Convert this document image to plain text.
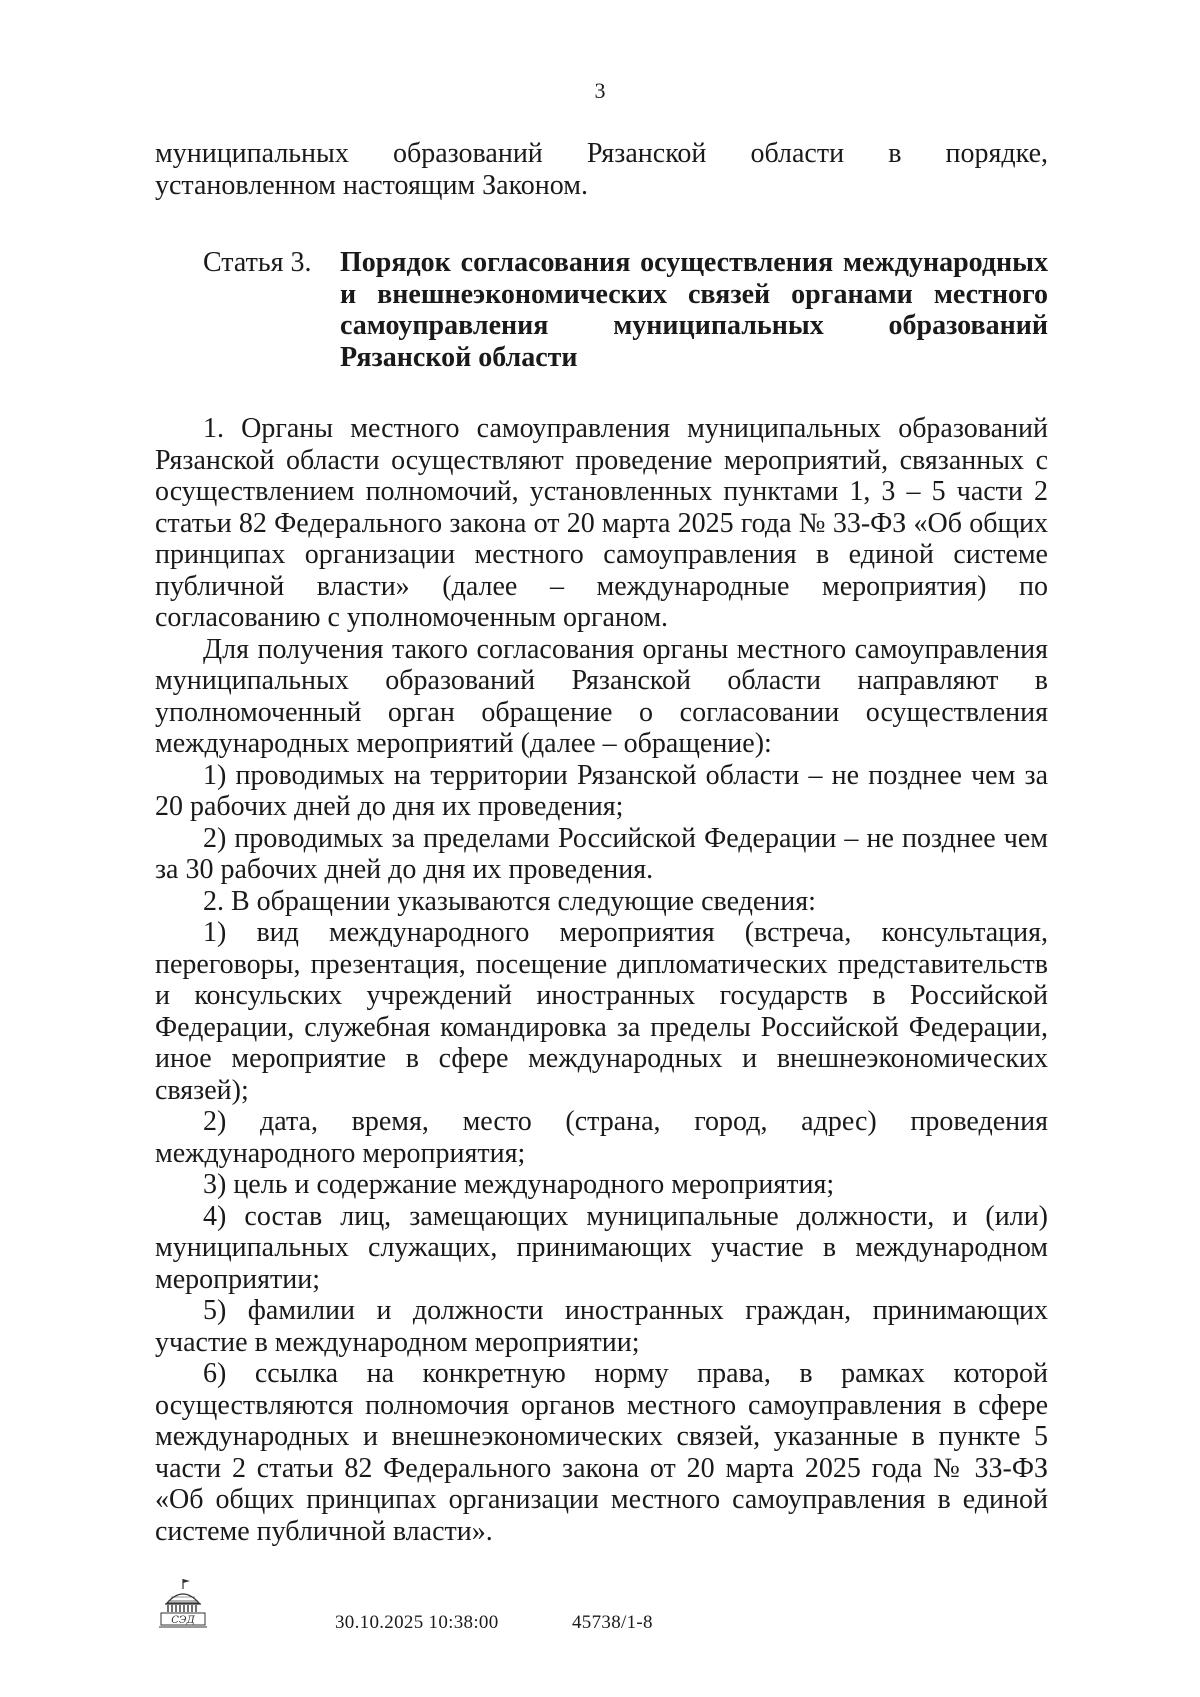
3

муниципальных образований Рязанской области в порядке, установленном настоящим Законом.

Статья 3.	Порядок согласования осуществления международных и внешнеэкономических связей органами местного самоуправления муниципальных образований Рязанской области

1. Органы местного самоуправления муниципальных образований Рязанской области осуществляют проведение мероприятий, связанных с осуществлением полномочий, установленных пунктами 1, 3 – 5 части 2 статьи 82 Федерального закона от 20 марта 2025 года № 33-ФЗ «Об общих принципах организации местного самоуправления в единой системе публичной власти» (далее – международные мероприятия) по согласованию с уполномоченным органом.

Для получения такого согласования органы местного самоуправления муниципальных образований Рязанской области направляют в уполномоченный орган обращение о согласовании осуществления международных мероприятий (далее – обращение):

1) проводимых на территории Рязанской области – не позднее чем за 20 рабочих дней до дня их проведения;

2) проводимых за пределами Российской Федерации – не позднее чем за 30 рабочих дней до дня их проведения.

2. В обращении указываются следующие сведения:

1) вид международного мероприятия (встреча, консультация, переговоры, презентация, посещение дипломатических представительств и консульских учреждений иностранных государств в Российской Федерации, служебная командировка за пределы Российской Федерации, иное мероприятие в сфере международных и внешнеэкономических связей);

2) дата, время, место (страна, город, адрес) проведения международного мероприятия;

3) цель и содержание международного мероприятия;

4) состав лиц, замещающих муниципальные должности, и (или) муниципальных служащих, принимающих участие в международном мероприятии;

5) фамилии и должности иностранных граждан, принимающих участие в международном мероприятии;

6) ссылка на конкретную норму права, в рамках которой осуществляются полномочия органов местного самоуправления в сфере международных и внешнеэкономических связей, указанные в пункте 5 части 2 статьи 82 Федерального закона от 20 марта 2025 года № 33-ФЗ «Об общих принципах организации местного самоуправления в единой системе публичной власти».

СЭД	30.10.2025 10:38:00	45738/1-8
